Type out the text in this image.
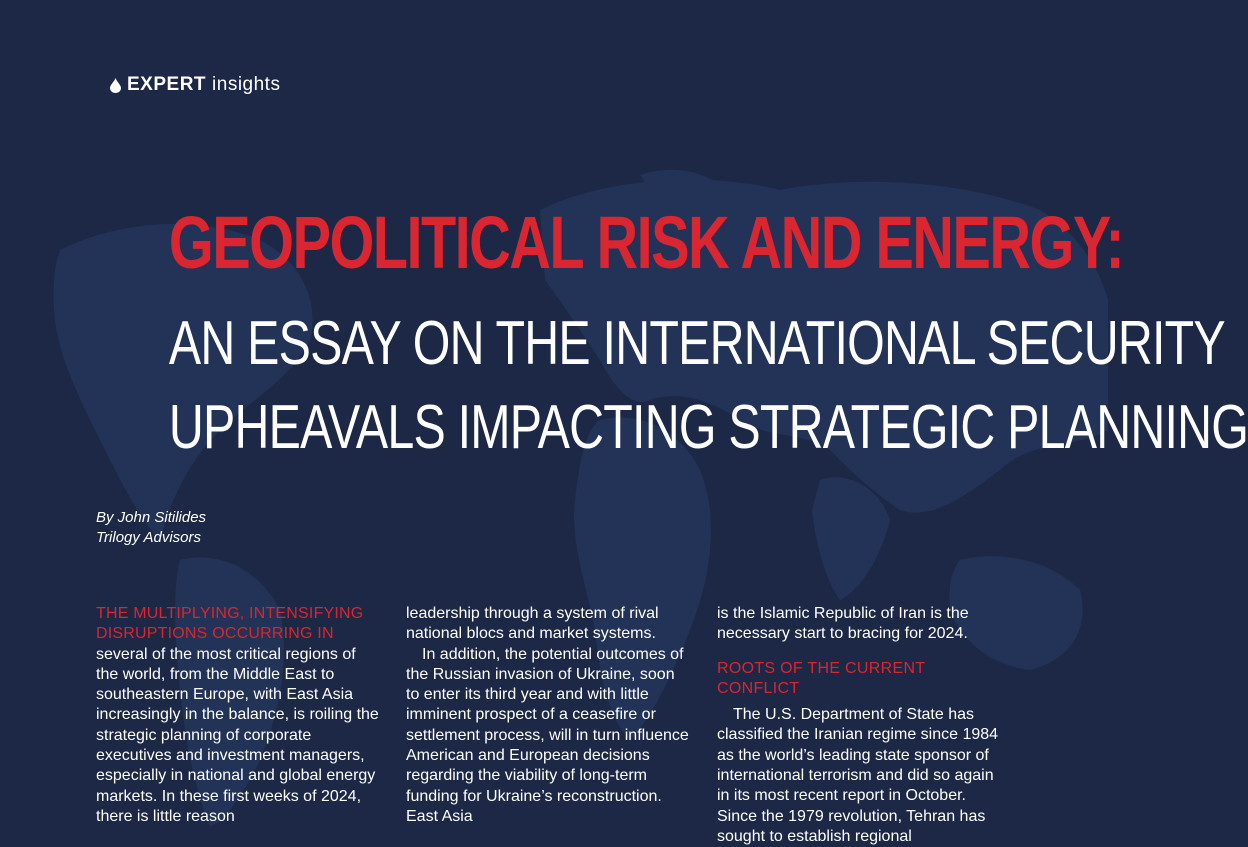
EXPERT insights
GEOPOLITICAL RISK AND ENERGY:
AN ESSAY ON THE INTERNATIONAL SECURITY
UPHEAVALS IMPACTING STRATEGIC PLANNING
By John Sitilides
Trilogy Advisors

THE MULTIPLYING, INTENSIFYING DISRUPTIONS OCCURRING IN
several of the most critical regions of the world, from the Middle East to southeastern Europe, with East Asia increasingly in the balance, is roiling the strategic planning of corporate executives and investment managers, especially in national and global energy markets. In these first weeks of 2024, there is little reason

leadership through a system of rival national blocs and market systems.

In addition, the potential outcomes of the Russian invasion of Ukraine, soon to enter its third year and with little imminent prospect of a ceasefire or settlement process, will in turn influence American and European decisions regarding the viability of long-term funding for Ukraine’s reconstruction. East Asia

is the Islamic Republic of Iran is the necessary start to bracing for 2024.

ROOTS OF THE CURRENT CONFLICT

The U.S. Department of State has classified the Iranian regime since 1984 as the world’s leading state sponsor of international terrorism and did so again in its most recent report in October. Since the 1979 revolution, Tehran has sought to establish regional
